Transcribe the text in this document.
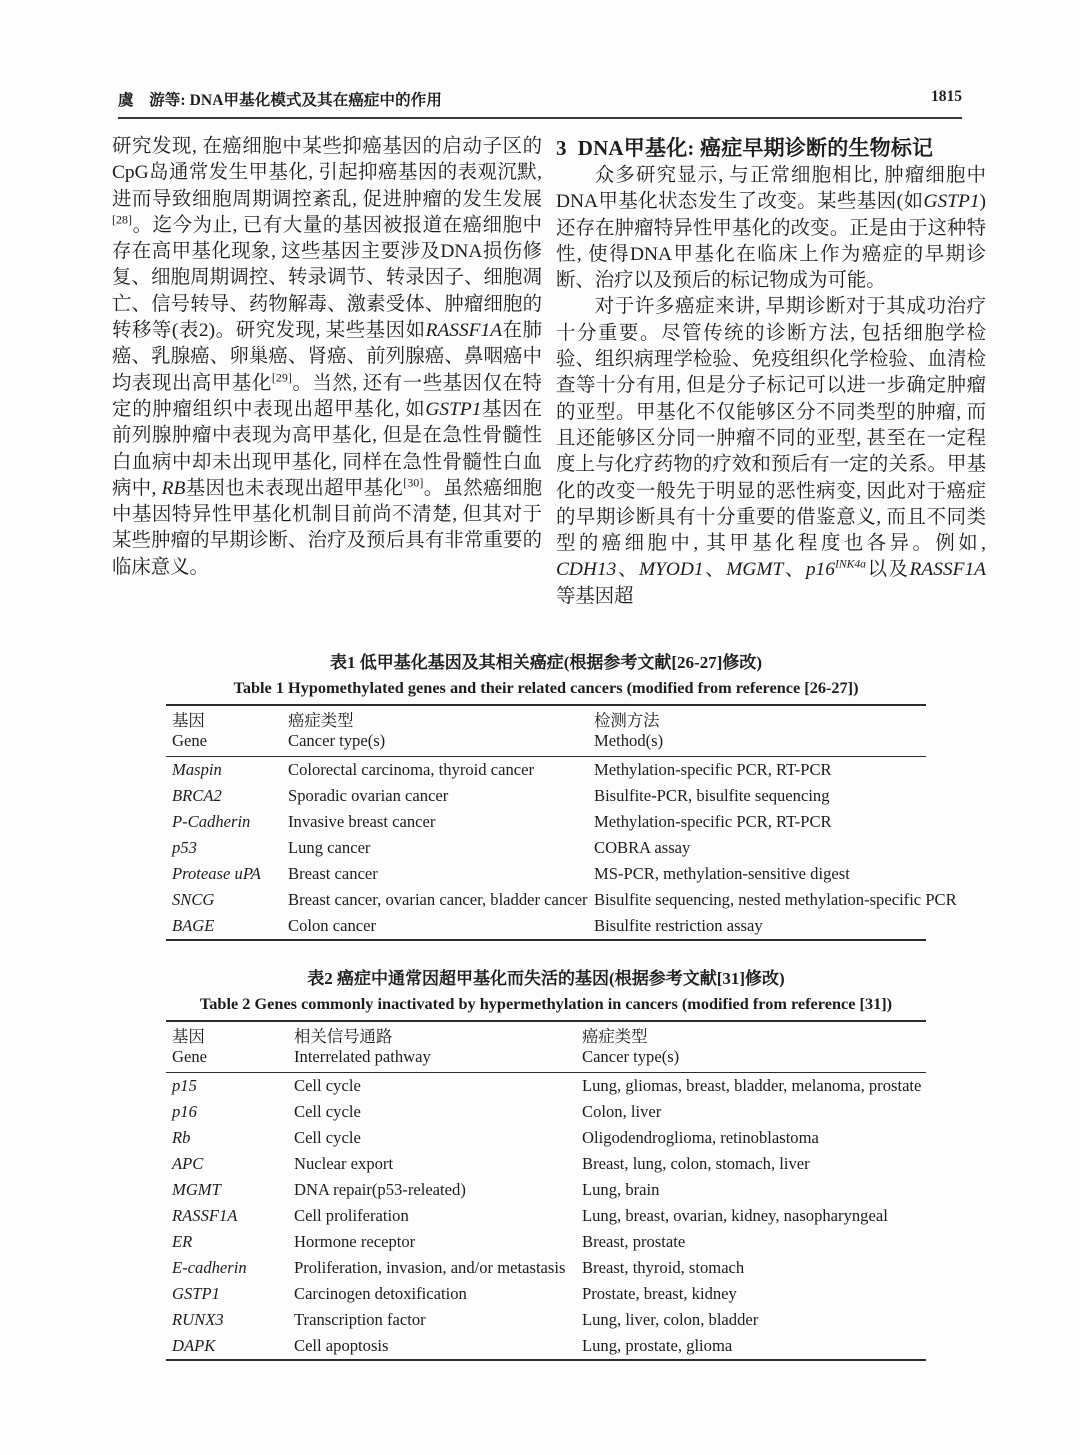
虞　游等: DNA甲基化模式及其在癌症中的作用	1815

研究发现, 在癌细胞中某些抑癌基因的启动子区的CpG岛通常发生甲基化, 引起抑癌基因的表观沉默, 进而导致细胞周期调控紊乱, 促进肿瘤的发生发展[28]。迄今为止, 已有大量的基因被报道在癌细胞中存在高甲基化现象, 这些基因主要涉及DNA损伤修复、细胞周期调控、转录调节、转录因子、细胞凋亡、信号转导、药物解毒、激素受体、肿瘤细胞的转移等(表2)。研究发现, 某些基因如RASSF1A在肺癌、乳腺癌、卵巢癌、肾癌、前列腺癌、鼻咽癌中均表现出高甲基化[29]。当然, 还有一些基因仅在特定的肿瘤组织中表现出超甲基化, 如GSTP1基因在前列腺肿瘤中表现为高甲基化, 但是在急性骨髓性白血病中却未出现甲基化, 同样在急性骨髓性白血病中, RB基因也未表现出超甲基化[30]。虽然癌细胞中基因特异性甲基化机制目前尚不清楚, 但其对于某些肿瘤的早期诊断、治疗及预后具有非常重要的临床意义。

3 DNA甲基化: 癌症早期诊断的生物标记

众多研究显示, 与正常细胞相比, 肿瘤细胞中DNA甲基化状态发生了改变。某些基因(如GSTP1)还存在肿瘤特异性甲基化的改变。正是由于这种特性, 使得DNA甲基化在临床上作为癌症的早期诊断、治疗以及预后的标记物成为可能。

对于许多癌症来讲, 早期诊断对于其成功治疗十分重要。尽管传统的诊断方法, 包括细胞学检验、组织病理学检验、免疫组织化学检验、血清检查等十分有用, 但是分子标记可以进一步确定肿瘤的亚型。甲基化不仅能够区分不同类型的肿瘤, 而且还能够区分同一肿瘤不同的亚型, 甚至在一定程度上与化疗药物的疗效和预后有一定的关系。甲基化的改变一般先于明显的恶性病变, 因此对于癌症的早期诊断具有十分重要的借鉴意义, 而且不同类型的癌细胞中, 其甲基化程度也各异。例如, CDH13、MYOD1、MGMT、$p16^{INK4a}$以及RASSF1A等基因超

表1 低甲基化基因及其相关癌症(根据参考文献[26-27]修改)
Table 1 Hypomethylated genes and their related cancers (modified from reference [26-27])
基因	癌症类型	检测方法
Gene	Cancer type(s)	Method(s)
Maspin	Colorectal carcinoma, thyroid cancer	Methylation-specific PCR, RT-PCR
BRCA2	Sporadic ovarian cancer	Bisulfite-PCR, bisulfite sequencing
P-Cadherin	Invasive breast cancer	Methylation-specific PCR, RT-PCR
p53	Lung cancer	COBRA assay
Protease uPA	Breast cancer	MS-PCR, methylation-sensitive digest
SNCG	Breast cancer, ovarian cancer, bladder cancer	Bisulfite sequencing, nested methylation-specific PCR
BAGE	Colon cancer	Bisulfite restriction assay
表2 癌症中通常因超甲基化而失活的基因(根据参考文献[31]修改)
Table 2 Genes commonly inactivated by hypermethylation in cancers (modified from reference [31])
基因	相关信号通路	癌症类型
Gene	Interrelated pathway	Cancer type(s)
p15	Cell cycle	Lung, gliomas, breast, bladder, melanoma, prostate
p16	Cell cycle	Colon, liver
Rb	Cell cycle	Oligodendroglioma, retinoblastoma
APC	Nuclear export	Breast, lung, colon, stomach, liver
MGMT	DNA repair(p53-releated)	Lung, brain
RASSF1A	Cell proliferation	Lung, breast, ovarian, kidney, nasopharyngeal
ER	Hormone receptor	Breast, prostate
E-cadherin	Proliferation, invasion, and/or metastasis	Breast, thyroid, stomach
GSTP1	Carcinogen detoxification	Prostate, breast, kidney
RUNX3	Transcription factor	Lung, liver, colon, bladder
DAPK	Cell apoptosis	Lung, prostate, glioma
